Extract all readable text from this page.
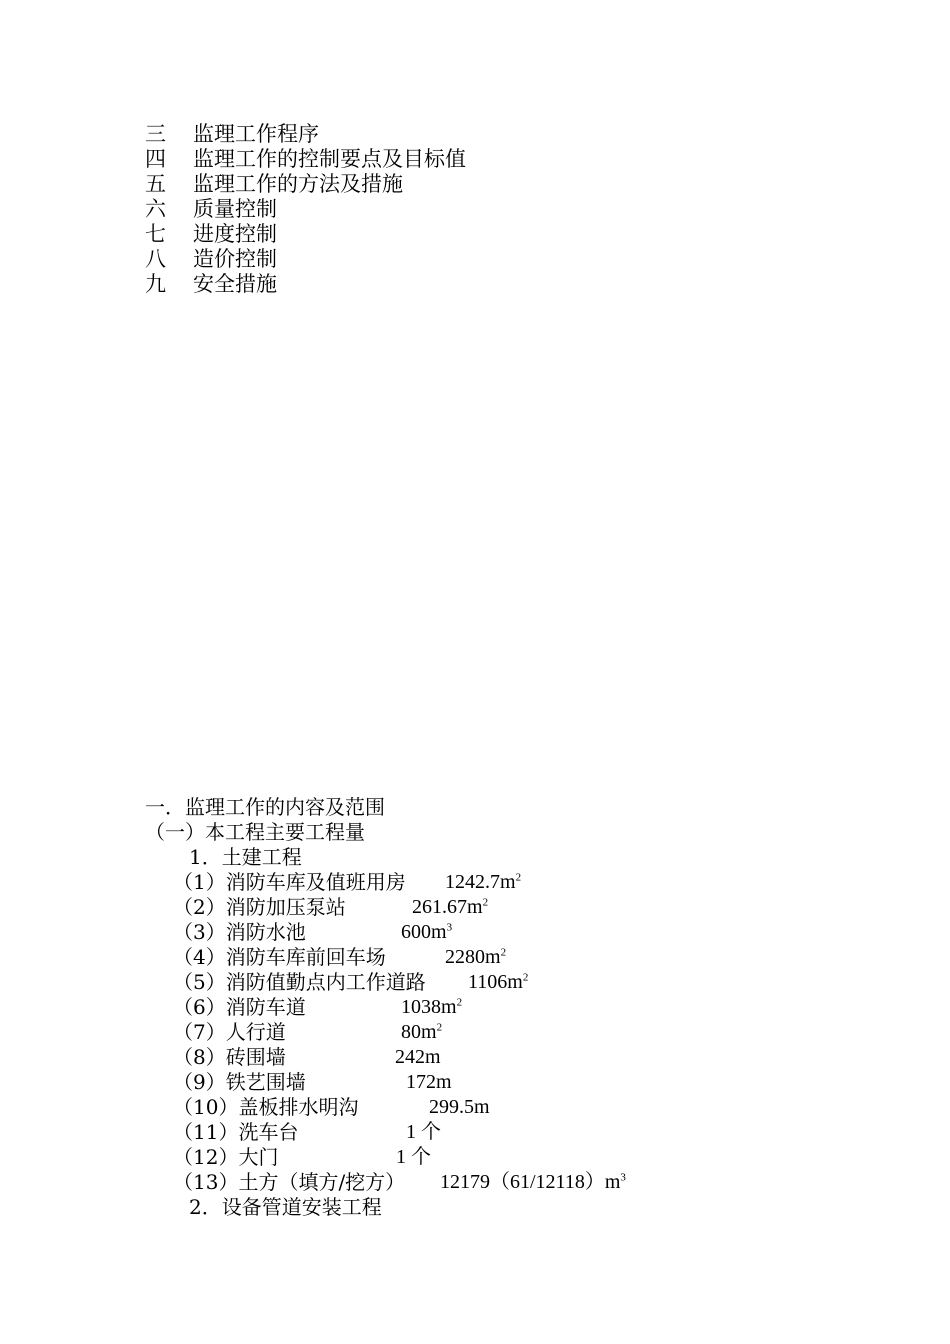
三 监理工作程序
四 监理工作的控制要点及目标值
五 监理工作的方法及措施
六 质量控制
七 进度控制
八 造价控制
九 安全措施
一．监理工作的内容及范围
（一）本工程主要工程量
1．土建工程
（1）消防车库及值班用房 $1242.7m^2$
（2）消防加压泵站	$261.67m^2$
（3）消防水池	$600m^3$
（4）消防车库前回车场	$2280m^2$
（5）消防值勤点内工作道路 $1106m^2$
（6）消防车道	$1038m^2$
（7）人行道	$80m^2$
（8）砖围墙	242m
（9）铁艺围墙	172m
（10）盖板排水明沟	299.5m
（11）洗车台	1 个
（12）大门	1 个
（13）土方（填方/挖方） $12179(61/12118)m^3$
2．设备管道安装工程
